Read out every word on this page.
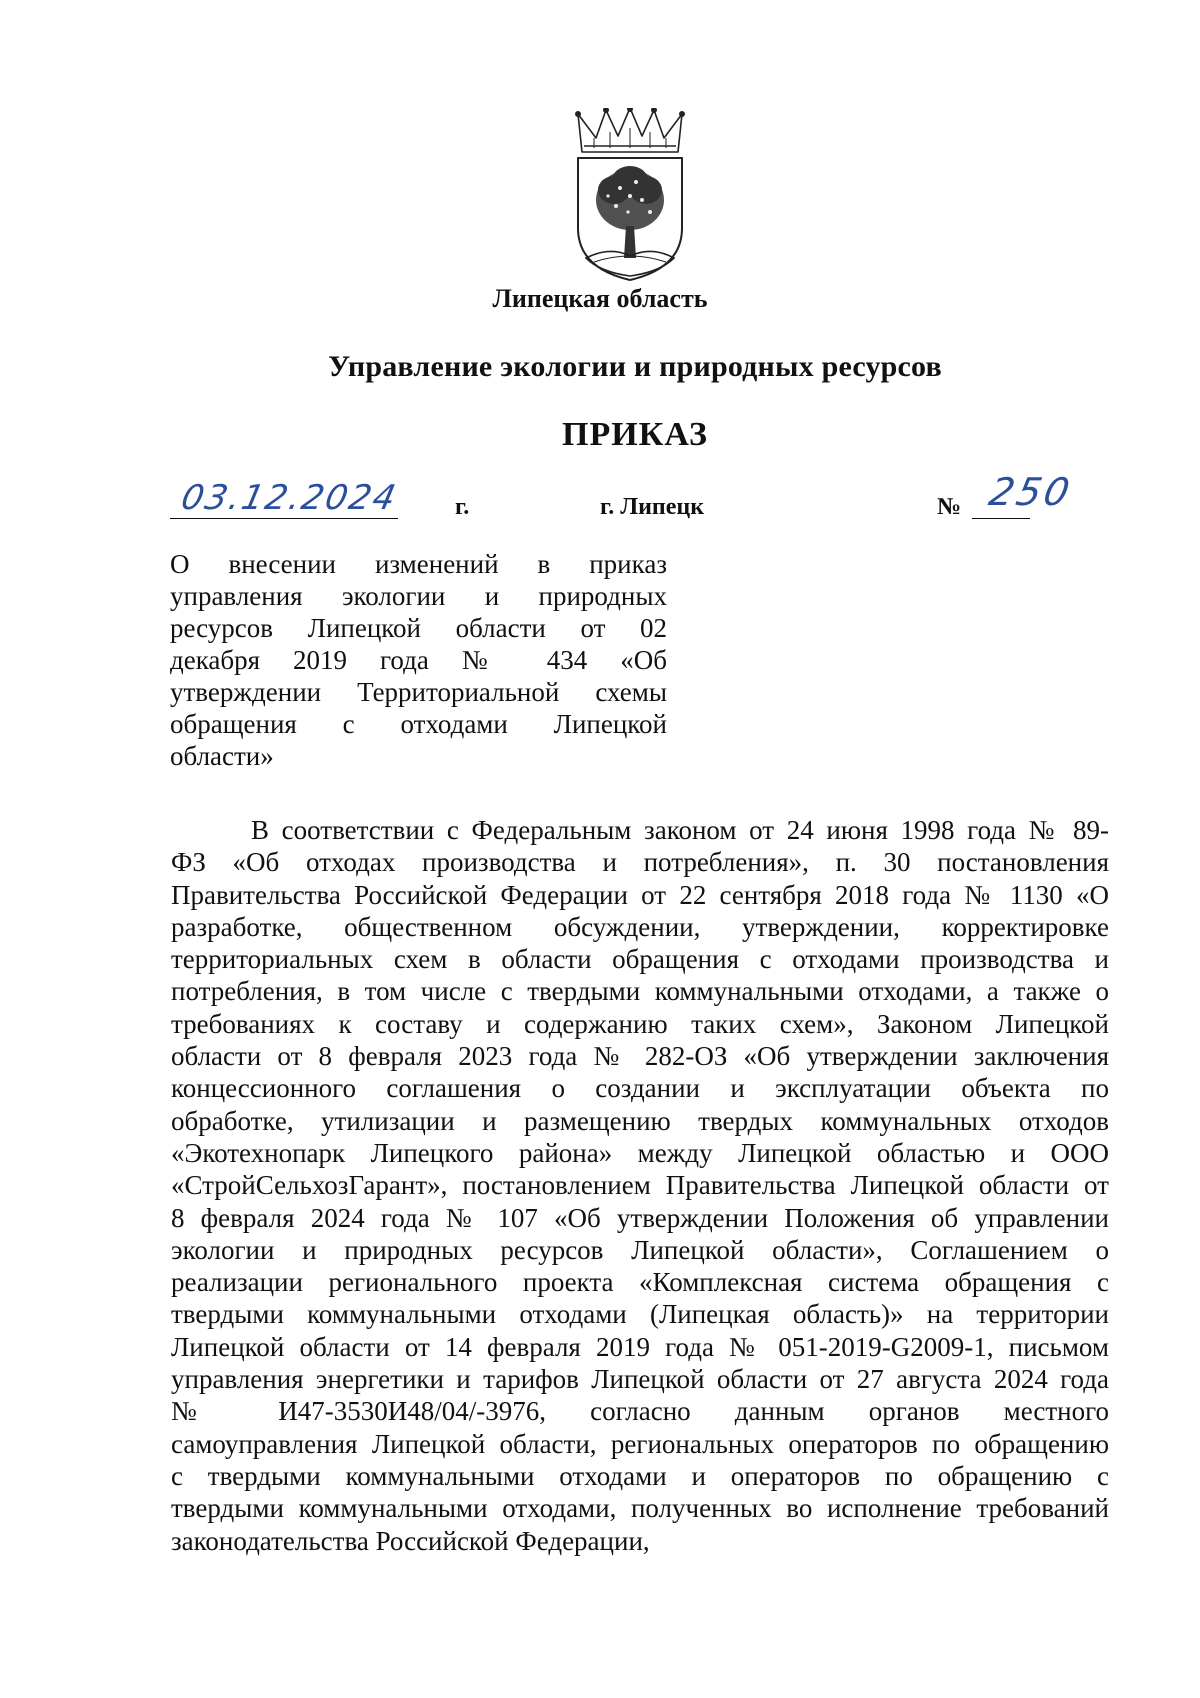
Липецкая область
Управление экологии и природных ресурсов
ПРИКАЗ
03.12.2024 г.	г. Липецк	№ 250
О внесении изменений в приказ
управления экологии и природных
ресурсов Липецкой области от 02
декабря 2019 года № 434 «Об
утверждении Территориальной схемы
обращения с отходами Липецкой
области»
В соответствии с Федеральным законом от 24 июня 1998 года № 89-
ФЗ «Об отходах производства и потребления», п. 30 постановления
Правительства Российской Федерации от 22 сентября 2018 года № 1130 «О
разработке, общественном обсуждении, утверждении, корректировке
территориальных схем в области обращения с отходами производства и
потребления, в том числе с твердыми коммунальными отходами, а также о
требованиях к составу и содержанию таких схем», Законом Липецкой
области от 8 февраля 2023 года № 282-ОЗ «Об утверждении заключения
концессионного соглашения о создании и эксплуатации объекта по
обработке, утилизации и размещению твердых коммунальных отходов
«Экотехнопарк Липецкого района» между Липецкой областью и ООО
«СтройСельхозГарант», постановлением Правительства Липецкой области от
8 февраля 2024 года № 107 «Об утверждении Положения об управлении
экологии и природных ресурсов Липецкой области», Соглашением о
реализации регионального проекта «Комплексная система обращения с
твердыми коммунальными отходами (Липецкая область)» на территории
Липецкой области от 14 февраля 2019 года № 051-2019-G2009-1, письмом
управления энергетики и тарифов Липецкой области от 27 августа 2024 года
№ И47-3530И48/04/-3976, согласно данным органов местного
самоуправления Липецкой области, региональных операторов по обращению
с твердыми коммунальными отходами и операторов по обращению с
твердыми коммунальными отходами, полученных во исполнение требований
законодательства Российской Федерации,
